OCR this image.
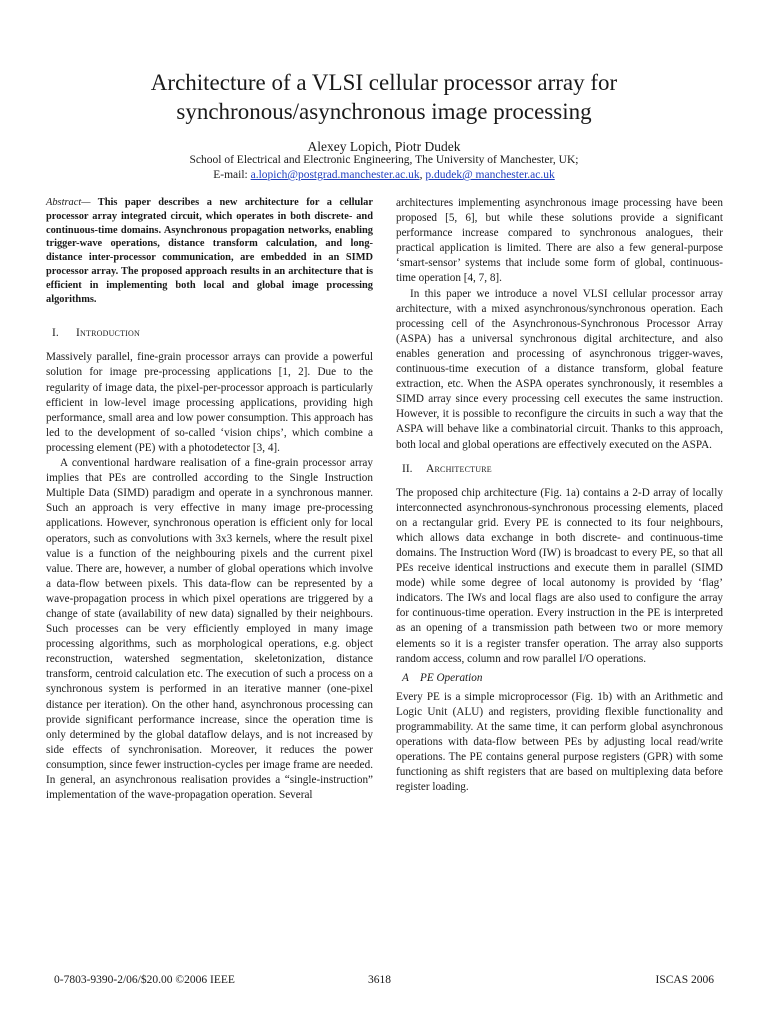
Architecture of a VLSI cellular processor array for
synchronous/asynchronous image processing
Alexey Lopich, Piotr Dudek
School of Electrical and Electronic Engineering, The University of Manchester, UK;
E-mail: a.lopich@postgrad.manchester.ac.uk, p.dudek@ manchester.ac.uk

Abstract— This paper describes a new architecture for a cellular processor array integrated circuit, which operates in both discrete- and continuous-time domains. Asynchronous propagation networks, enabling trigger-wave operations, distance transform calculation, and long-distance inter-processor communication, are embedded in an SIMD processor array. The proposed approach results in an architecture that is efficient in implementing both local and global image processing algorithms.

I. Introduction

Massively parallel, fine-grain processor arrays can provide a powerful solution for image pre-processing applications [1, 2]. Due to the regularity of image data, the pixel-per-processor approach is particularly efficient in low-level image processing applications, providing high performance, small area and low power consumption. This approach has led to the development of so-called ‘vision chips’, which combine a processing element (PE) with a photodetector [3, 4].

A conventional hardware realisation of a fine-grain processor array implies that PEs are controlled according to the Single Instruction Multiple Data (SIMD) paradigm and operate in a synchronous manner. Such an approach is very effective in many image pre-processing applications. However, synchronous operation is efficient only for local operators, such as convolutions with 3x3 kernels, where the result pixel value is a function of the neighbouring pixels and the current pixel value. There are, however, a number of global operations which involve a data-flow between pixels. This data-flow can be represented by a wave-propagation process in which pixel operations are triggered by a change of state (availability of new data) signalled by their neighbours. Such processes can be very efficiently employed in many image processing algorithms, such as morphological operations, e.g. object reconstruction, watershed segmentation, skeletonization, distance transform, centroid calculation etc. The execution of such a process on a synchronous system is performed in an iterative manner (one-pixel distance per iteration). On the other hand, asynchronous processing can provide significant performance increase, since the operation time is only determined by the global dataflow delays, and is not increased by side effects of synchronisation. Moreover, it reduces the power consumption, since fewer instruction-cycles per image frame are needed. In general, an asynchronous realisation provides a “single-instruction” implementation of the wave-propagation operation. Several

architectures implementing asynchronous image processing have been proposed [5, 6], but while these solutions provide a significant performance increase compared to synchronous analogues, their practical application is limited. There are also a few general-purpose ‘smart-sensor’ systems that include some form of global, continuous-time operation [4, 7, 8].

In this paper we introduce a novel VLSI cellular processor array architecture, with a mixed asynchronous/synchronous operation. Each processing cell of the Asynchronous-Synchronous Processor Array (ASPA) has a universal synchronous digital architecture, and also enables generation and processing of asynchronous trigger-waves, continuous-time execution of a distance transform, global feature extraction, etc. When the ASPA operates synchronously, it resembles a SIMD array since every processing cell executes the same instruction. However, it is possible to reconfigure the circuits in such a way that the ASPA will behave like a combinatorial circuit. Thanks to this approach, both local and global operations are effectively executed on the ASPA.

II. Architecture

The proposed chip architecture (Fig. 1a) contains a 2-D array of locally interconnected asynchronous-synchronous processing elements, placed on a rectangular grid. Every PE is connected to its four neighbours, which allows data exchange in both discrete- and continuous-time domains. The Instruction Word (IW) is broadcast to every PE, so that all PEs receive identical instructions and execute them in parallel (SIMD mode) while some degree of local autonomy is provided by ‘flag’ indicators. The IWs and local flags are also used to configure the array for continuous-time operation. Every instruction in the PE is interpreted as an opening of a transmission path between two or more memory elements so it is a register transfer operation. The array also supports random access, column and row parallel I/O operations.

A PE Operation

Every PE is a simple microprocessor (Fig. 1b) with an Arithmetic and Logic Unit (ALU) and registers, providing flexible functionality and programmability. At the same time, it can perform global asynchronous operations with data-flow between PEs by adjusting local read/write operations. The PE contains general purpose registers (GPR) with some functioning as shift registers that are based on multiplexing data before register loading.

0-7803-9390-2/06/$20.00 ©2006 IEEE	3618	ISCAS 2006
